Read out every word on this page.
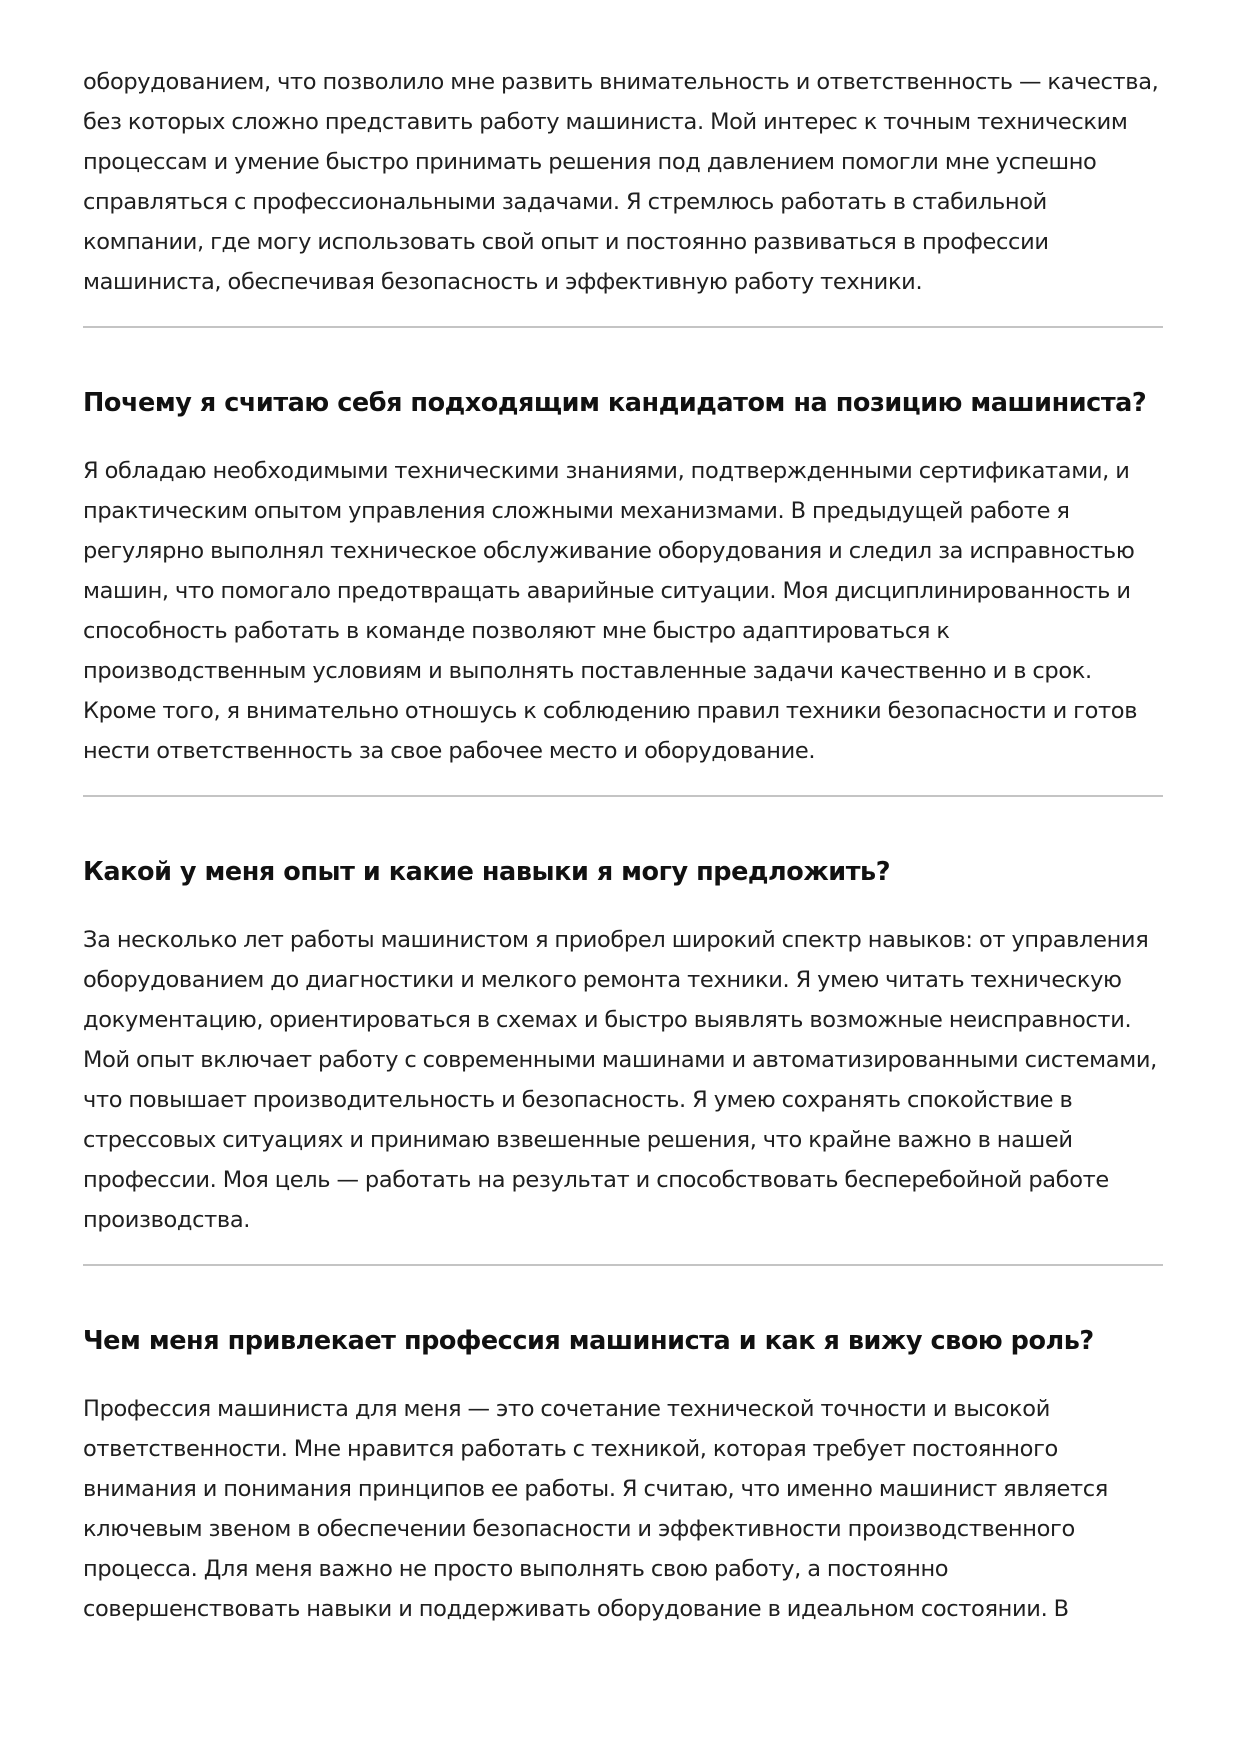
оборудованием, что позволило мне развить внимательность и ответственность — качества, без которых сложно представить работу машиниста. Мой интерес к точным техническим процессам и умение быстро принимать решения под давлением помогли мне успешно справляться с профессиональными задачами. Я стремлюсь работать в стабильной компании, где могу использовать свой опыт и постоянно развиваться в профессии машиниста, обеспечивая безопасность и эффективную работу техники.

Почему я считаю себя подходящим кандидатом на позицию машиниста?

Я обладаю необходимыми техническими знаниями, подтвержденными сертификатами, и практическим опытом управления сложными механизмами. В предыдущей работе я регулярно выполнял техническое обслуживание оборудования и следил за исправностью машин, что помогало предотвращать аварийные ситуации. Моя дисциплинированность и способность работать в команде позволяют мне быстро адаптироваться к производственным условиям и выполнять поставленные задачи качественно и в срок. Кроме того, я внимательно отношусь к соблюдению правил техники безопасности и готов нести ответственность за свое рабочее место и оборудование.

Какой у меня опыт и какие навыки я могу предложить?

За несколько лет работы машинистом я приобрел широкий спектр навыков: от управления оборудованием до диагностики и мелкого ремонта техники. Я умею читать техническую документацию, ориентироваться в схемах и быстро выявлять возможные неисправности. Мой опыт включает работу с современными машинами и автоматизированными системами, что повышает производительность и безопасность. Я умею сохранять спокойствие в стрессовых ситуациях и принимаю взвешенные решения, что крайне важно в нашей профессии. Моя цель — работать на результат и способствовать бесперебойной работе производства.

Чем меня привлекает профессия машиниста и как я вижу свою роль?

Профессия машиниста для меня — это сочетание технической точности и высокой ответственности. Мне нравится работать с техникой, которая требует постоянного внимания и понимания принципов ее работы. Я считаю, что именно машинист является ключевым звеном в обеспечении безопасности и эффективности производственного процесса. Для меня важно не просто выполнять свою работу, а постоянно совершенствовать навыки и поддерживать оборудование в идеальном состоянии. В
